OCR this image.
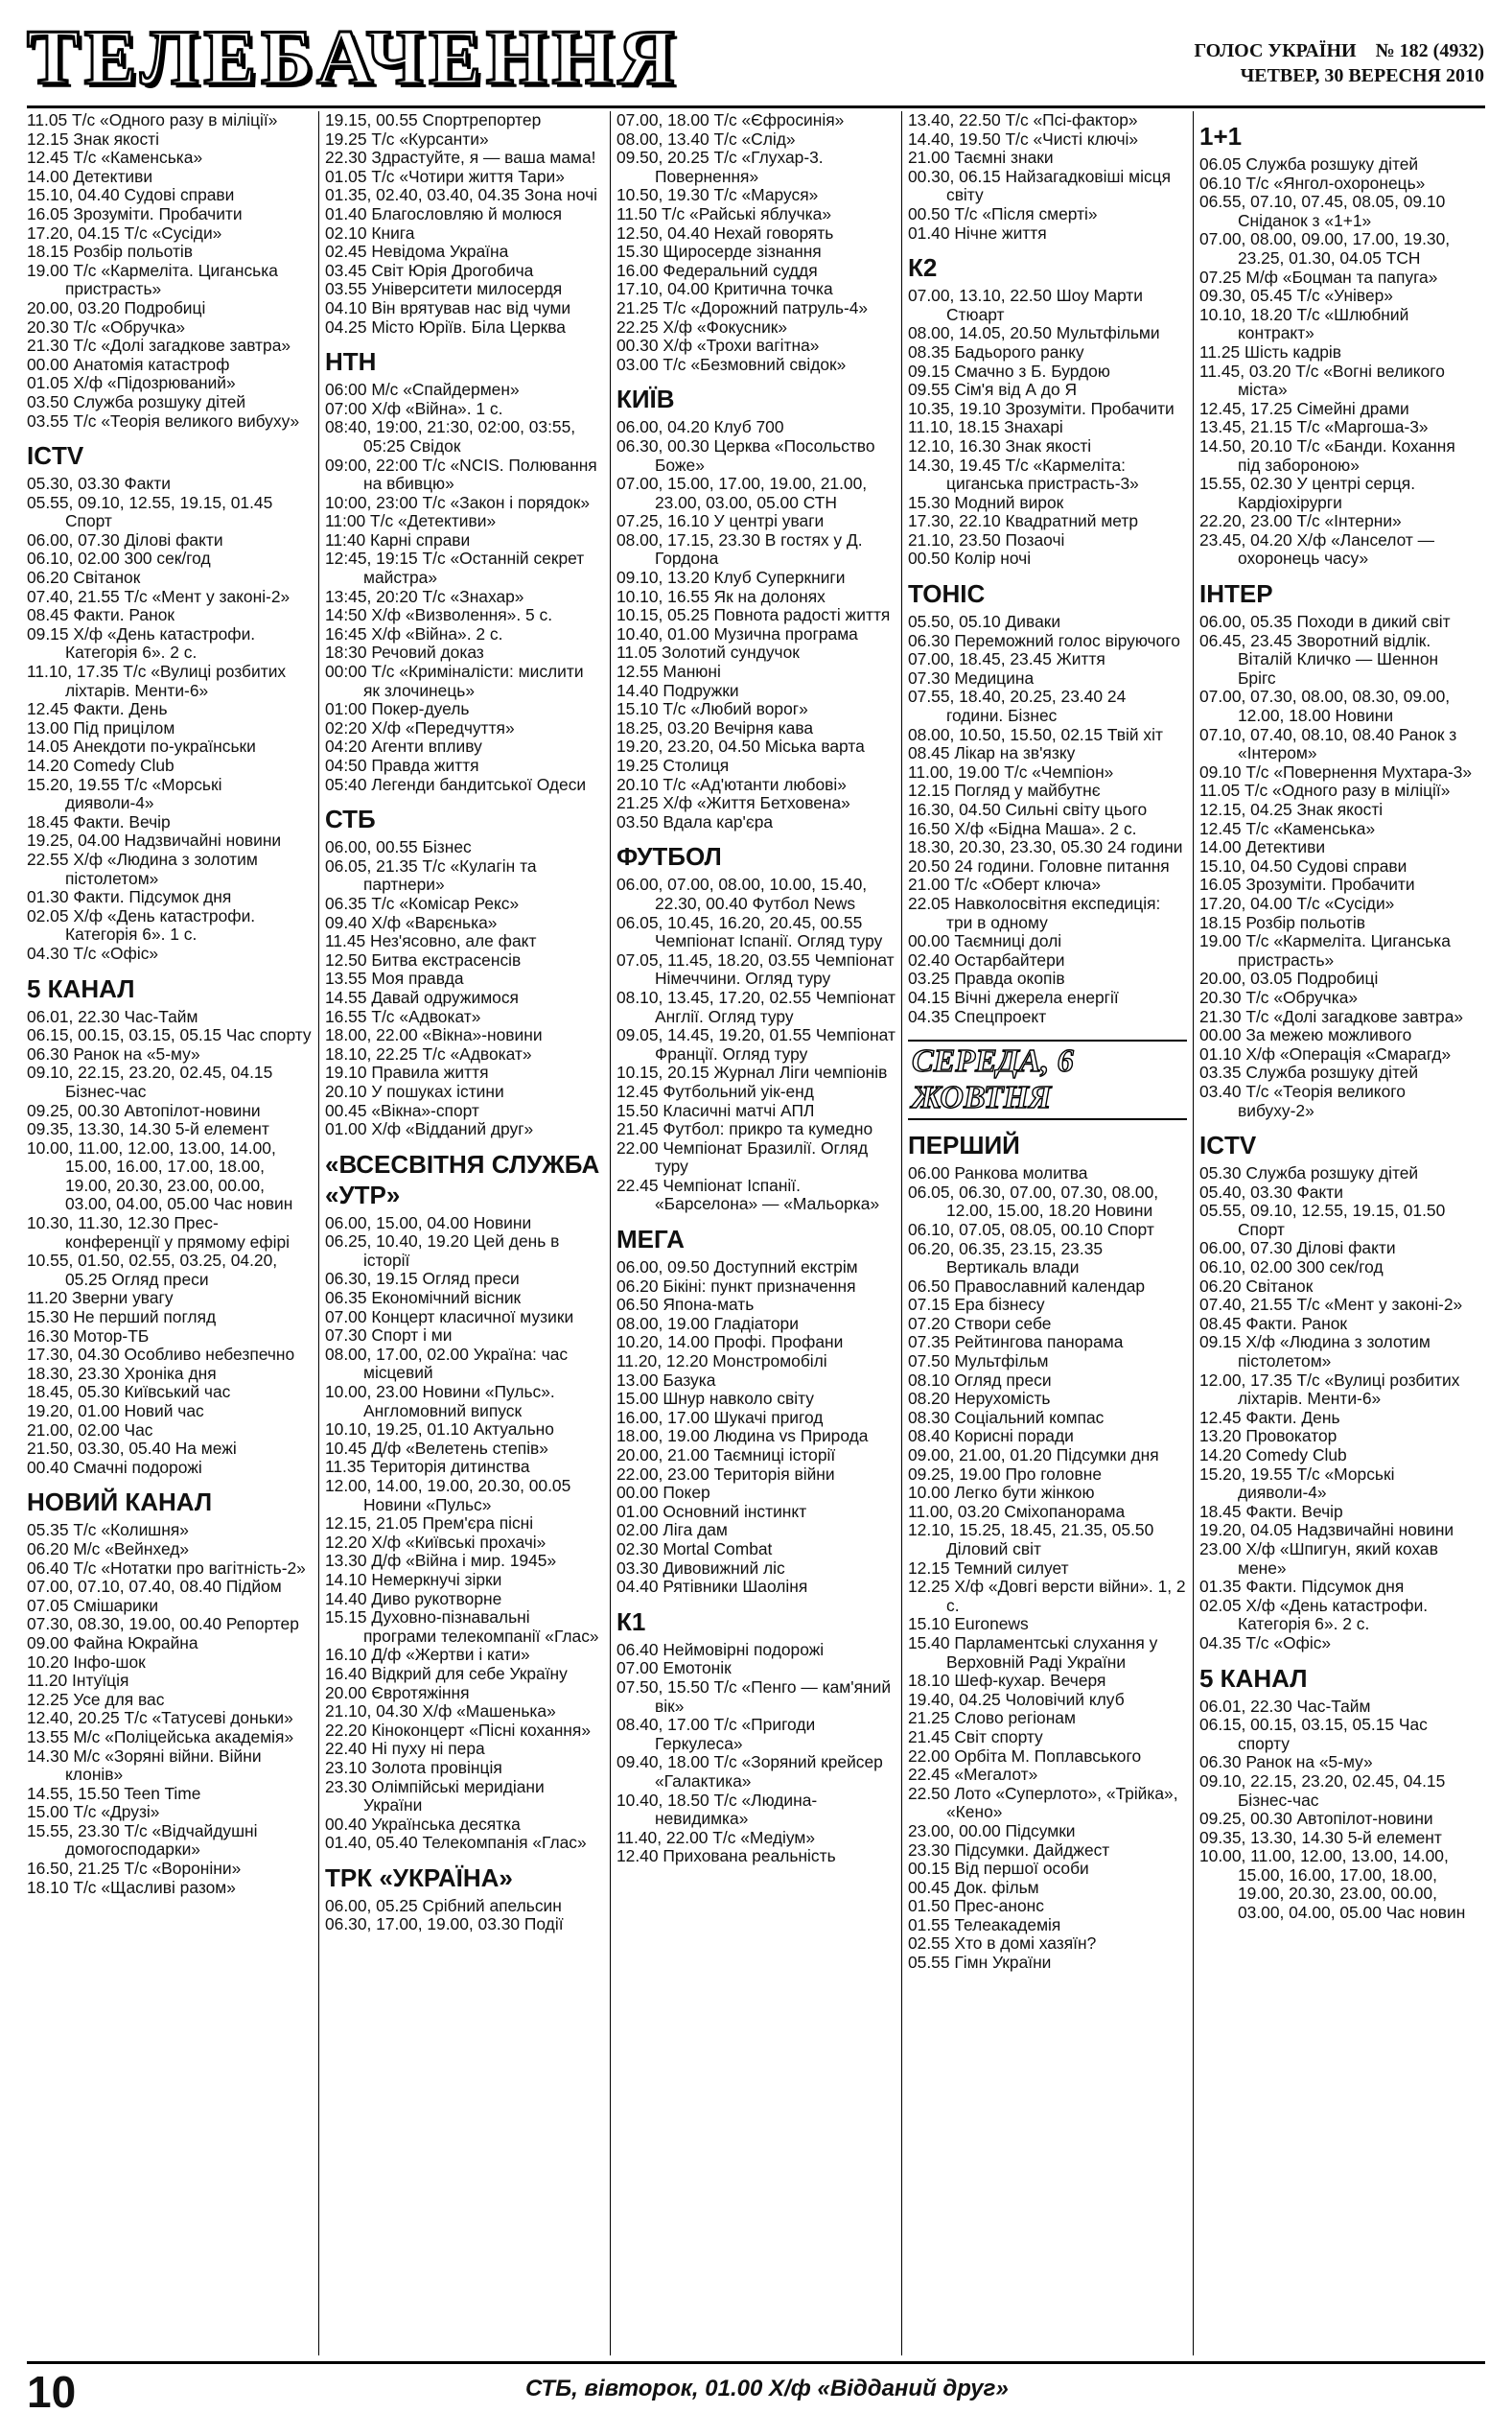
ТЕЛЕБАЧЕННЯ	ГОЛОС УКРАЇНИ № 182 (4932)
ЧЕТВЕР, 30 ВЕРЕСНЯ 2010
11.05 Т/с «Одного разу в міліції»
12.15 Знак якості
12.45 Т/с «Каменська»
14.00 Детективи
15.10, 04.40 Судові справи
16.05 Зрозуміти. Пробачити
17.20, 04.15 Т/с «Сусіди»
18.15 Розбір польотів
19.00 Т/с «Кармеліта. Циганська пристрасть»
20.00, 03.20 Подробиці
20.30 Т/с «Обручка»
21.30 Т/с «Долі загадкове завтра»
00.00 Анатомія катастроф
01.05 Х/ф «Підозрюваний»
03.50 Служба розшуку дітей
03.55 Т/с «Теорія великого вибуху»
ICTV
05.30, 03.30 Факти
05.55, 09.10, 12.55, 19.15, 01.45 Спорт
06.00, 07.30 Ділові факти
06.10, 02.00 300 сек/год
06.20 Світанок
07.40, 21.55 Т/с «Мент у законі-2»
08.45 Факти. Ранок
09.15 Х/ф «День катастрофи. Категорія 6». 2 с.
11.10, 17.35 Т/с «Вулиці розбитих ліхтарів. Менти-6»
12.45 Факти. День
13.00 Під прицілом
14.05 Анекдоти по-українськи
14.20 Comedy Club
15.20, 19.55 Т/с «Морські дияволи-4»
18.45 Факти. Вечір
19.25, 04.00 Надзвичайні новини
22.55 Х/ф «Людина з золотим пістолетом»
01.30 Факти. Підсумок дня
02.05 Х/ф «День катастрофи. Категорія 6». 1 с.
04.30 Т/с «Офіс»
5 КАНАЛ
06.01, 22.30 Час-Тайм
06.15, 00.15, 03.15, 05.15 Час спорту
06.30 Ранок на «5-му»
09.10, 22.15, 23.20, 02.45, 04.15 Бізнес-час
09.25, 00.30 Автопілот-новини
09.35, 13.30, 14.30 5-й елемент
10.00, 11.00, 12.00, 13.00, 14.00, 15.00, 16.00, 17.00, 18.00, 19.00, 20.30, 23.00, 00.00, 03.00, 04.00, 05.00 Час новин
10.30, 11.30, 12.30 Прес-конференції у прямому ефірі
10.55, 01.50, 02.55, 03.25, 04.20, 05.25 Огляд преси
11.20 Зверни увагу
15.30 Не перший погляд
16.30 Мотор-ТБ
17.30, 04.30 Особливо небезпечно
18.30, 23.30 Хроніка дня
18.45, 05.30 Київський час
19.20, 01.00 Новий час
21.00, 02.00 Час
21.50, 03.30, 05.40 На межі
00.40 Смачні подорожі
НОВИЙ КАНАЛ
05.35 Т/с «Колишня»
06.20 М/с «Вейнхед»
06.40 Т/с «Нотатки про вагітність-2»
07.00, 07.10, 07.40, 08.40 Підйом
07.05 Смішарики
07.30, 08.30, 19.00, 00.40 Репортер
09.00 Файна Юкрайна
10.20 Інфо-шок
11.20 Інтуїція
12.25 Усе для вас
12.40, 20.25 Т/с «Татусеві доньки»
13.55 М/с «Поліцейська академія»
14.30 М/с «Зоряні війни. Війни клонів»
14.55, 15.50 Teen Time
15.00 Т/с «Друзі»
15.55, 23.30 Т/с «Відчайдушні домогосподарки»
16.50, 21.25 Т/с «Вороніни»
18.10 Т/с «Щасливі разом»
19.15, 00.55 Спортрепортер
19.25 Т/с «Курсанти»
22.30 Здрастуйте, я — ваша мама!
01.05 Т/с «Чотири життя Тари»
01.35, 02.40, 03.40, 04.35 Зона ночі
01.40 Благословляю й молюся
02.10 Книга
02.45 Невідома Україна
03.45 Світ Юрія Дрогобича
03.55 Університети милосердя
04.10 Він врятував нас від чуми
04.25 Місто Юріїв. Біла Церква
НТН
06:00 М/с «Спайдермен»
07:00 Х/ф «Війна». 1 с.
08:40, 19:00, 21:30, 02:00, 03:55, 05:25 Свідок
09:00, 22:00 Т/с «NCIS. Полювання на вбивцю»
10:00, 23:00 Т/с «Закон і порядок»
11:00 Т/с «Детективи»
11:40 Карні справи
12:45, 19:15 Т/с «Останній секрет майстра»
13:45, 20:20 Т/с «Знахар»
14:50 Х/ф «Визволення». 5 с.
16:45 Х/ф «Війна». 2 с.
18:30 Речовий доказ
00:00 Т/с «Криміналісти: мислити як злочинець»
01:00 Покер-дуель
02:20 Х/ф «Передчуття»
04:20 Агенти впливу
04:50 Правда життя
05:40 Легенди бандитської Одеси
СТБ
06.00, 00.55 Бізнес
06.05, 21.35 Т/с «Кулагін та партнери»
06.35 Т/с «Комісар Рекс»
09.40 Х/ф «Варєнька»
11.45 Нез'ясовно, але факт
12.50 Битва екстрасенсів
13.55 Моя правда
14.55 Давай одружимося
16.55 Т/с «Адвокат»
18.00, 22.00 «Вікна»-новини
18.10, 22.25 Т/с «Адвокат»
19.10 Правила життя
20.10 У пошуках істини
00.45 «Вікна»-спорт
01.00 Х/ф «Відданий друг»
«ВСЕСВІТНЯ СЛУЖБА «УТР»
06.00, 15.00, 04.00 Новини
06.25, 10.40, 19.20 Цей день в історії
06.30, 19.15 Огляд преси
06.35 Економічний вісник
07.00 Концерт класичної музики
07.30 Спорт і ми
08.00, 17.00, 02.00 Україна: час місцевий
10.00, 23.00 Новини «Пульс». Англомовний випуск
10.10, 19.25, 01.10 Актуально
10.45 Д/ф «Велетень степів»
11.35 Територія дитинства
12.00, 14.00, 19.00, 20.30, 00.05 Новини «Пульс»
12.15, 21.05 Прем'єра пісні
12.20 Х/ф «Київські прохачі»
13.30 Д/ф «Війна і мир. 1945»
14.10 Немеркнучі зірки
14.40 Диво рукотворне
15.15 Духовно-пізнавальні програми телекомпанії «Глас»
16.10 Д/ф «Жертви і кати»
16.40 Відкрий для себе Україну
20.00 Євротяжіння
21.10, 04.30 Х/ф «Машенька»
22.20 Кіноконцерт «Пісні кохання»
22.40 Ні пуху ні пера
23.10 Золота провінція
23.30 Олімпійські меридіани України
00.40 Українська десятка
01.40, 05.40 Телекомпанія «Глас»
ТРК «УКРАЇНА»
06.00, 05.25 Срібний апельсин
06.30, 17.00, 19.00, 03.30 Події
07.00, 18.00 Т/с «Єфросинія»
08.00, 13.40 Т/с «Слід»
09.50, 20.25 Т/с «Глухар-3. Повернення»
10.50, 19.30 Т/с «Маруся»
11.50 Т/с «Райські яблучка»
12.50, 04.40 Нехай говорять
15.30 Щиросерде зізнання
16.00 Федеральний суддя
17.10, 04.00 Критична точка
21.25 Т/с «Дорожний патруль-4»
22.25 Х/ф «Фокусник»
00.30 Х/ф «Трохи вагітна»
03.00 Т/с «Безмовний свідок»
КИЇВ
06.00, 04.20 Клуб 700
06.30, 00.30 Церква «Посольство Боже»
07.00, 15.00, 17.00, 19.00, 21.00, 23.00, 03.00, 05.00 СТН
07.25, 16.10 У центрі уваги
08.00, 17.15, 23.30 В гостях у Д. Гордона
09.10, 13.20 Клуб Суперкниги
10.10, 16.55 Як на долонях
10.15, 05.25 Повнота радості життя
10.40, 01.00 Музична програма
11.05 Золотий сундучок
12.55 Манюні
14.40 Подружки
15.10 Т/с «Любий ворог»
18.25, 03.20 Вечірня кава
19.20, 23.20, 04.50 Міська варта
19.25 Столиця
20.10 Т/с «Ад'ютанти любові»
21.25 Х/ф «Життя Бетховена»
03.50 Вдала кар'єра
ФУТБОЛ
06.00, 07.00, 08.00, 10.00, 15.40, 22.30, 00.40 Футбол News
06.05, 10.45, 16.20, 20.45, 00.55 Чемпіонат Іспанії. Огляд туру
07.05, 11.45, 18.20, 03.55 Чемпіонат Німеччини. Огляд туру
08.10, 13.45, 17.20, 02.55 Чемпіонат Англії. Огляд туру
09.05, 14.45, 19.20, 01.55 Чемпіонат Франції. Огляд туру
10.15, 20.15 Журнал Ліги чемпіонів
12.45 Футбольний уік-енд
15.50 Класичні матчі АПЛ
21.45 Футбол: прикро та кумедно
22.00 Чемпіонат Бразилії. Огляд туру
22.45 Чемпіонат Іспанії. «Барселона» — «Мальорка»
МЕГА
06.00, 09.50 Доступний екстрім
06.20 Бікіні: пункт призначення
06.50 Япона-мать
08.00, 19.00 Гладіатори
10.20, 14.00 Профі. Профани
11.20, 12.20 Монстромобілі
13.00 Базука
15.00 Шнур навколо світу
16.00, 17.00 Шукачі пригод
18.00, 19.00 Людина vs Природа
20.00, 21.00 Таємниці історії
22.00, 23.00 Територія війни
00.00 Покер
01.00 Основний інстинкт
02.00 Ліга дам
02.30 Mortal Combat
03.30 Дивовижний ліс
04.40 Рятівники Шаоліня
К1
06.40 Неймовірні подорожі
07.00 Емотонік
07.50, 15.50 Т/с «Пенго — кам'яний вік»
08.40, 17.00 Т/с «Пригоди Геркулеса»
09.40, 18.00 Т/с «Зоряний крейсер «Галактика»
10.40, 18.50 Т/с «Людина-невидимка»
11.40, 22.00 Т/с «Медіум»
12.40 Прихована реальність
13.40, 22.50 Т/с «Псі-фактор»
14.40, 19.50 Т/с «Чисті ключі»
21.00 Таємні знаки
00.30, 06.15 Найзагадковіші місця світу
00.50 Т/с «Після смерті»
01.40 Нічне життя
К2
07.00, 13.10, 22.50 Шоу Марти Стюарт
08.00, 14.05, 20.50 Мультфільми
08.35 Бадьорого ранку
09.15 Смачно з Б. Бурдою
09.55 Сім'я від А до Я
10.35, 19.10 Зрозуміти. Пробачити
11.10, 18.15 Знахарі
12.10, 16.30 Знак якості
14.30, 19.45 Т/с «Кармеліта: циганська пристрасть-3»
15.30 Модний вирок
17.30, 22.10 Квадратний метр
21.10, 23.50 Позаочі
00.50 Колір ночі
ТОНІС
05.50, 05.10 Диваки
06.30 Переможний голос віруючого
07.00, 18.45, 23.45 Життя
07.30 Медицина
07.55, 18.40, 20.25, 23.40 24 години. Бізнес
08.00, 10.50, 15.50, 02.15 Твій хіт
08.45 Лікар на зв'язку
11.00, 19.00 Т/с «Чемпіон»
12.15 Погляд у майбутнє
16.30, 04.50 Сильні світу цього
16.50 Х/ф «Бідна Маша». 2 с.
18.30, 20.30, 23.30, 05.30 24 години
20.50 24 години. Головне питання
21.00 Т/с «Оберт ключа»
22.05 Навколосвітня експедиція: три в одному
00.00 Таємниці долі
02.40 Остарбайтери
03.25 Правда окопів
04.15 Вічні джерела енергії
04.35 Спецпроект
СЕРЕДА, 6 ЖОВТНЯ
ПЕРШИЙ
06.00 Ранкова молитва
06.05, 06.30, 07.00, 07.30, 08.00, 12.00, 15.00, 18.20 Новини
06.10, 07.05, 08.05, 00.10 Спорт
06.20, 06.35, 23.15, 23.35 Вертикаль влади
06.50 Православний календар
07.15 Ера бізнесу
07.20 Створи себе
07.35 Рейтингова панорама
07.50 Мультфільм
08.10 Огляд преси
08.20 Нерухомість
08.30 Соціальний компас
08.40 Корисні поради
09.00, 21.00, 01.20 Підсумки дня
09.25, 19.00 Про головне
10.00 Легко бути жінкою
11.00, 03.20 Сміхопанорама
12.10, 15.25, 18.45, 21.35, 05.50 Діловий світ
12.15 Темний силует
12.25 Х/ф «Довгі версти війни». 1, 2 с.
15.10 Euronews
15.40 Парламентські слухання у Верховній Раді України
18.10 Шеф-кухар. Вечеря
19.40, 04.25 Чоловічий клуб
21.25 Слово регіонам
21.45 Світ спорту
22.00 Орбіта М. Поплавського
22.45 «Мегалот»
22.50 Лото «Суперлото», «Трійка», «Кено»
23.00, 00.00 Підсумки
23.30 Підсумки. Дайджест
00.15 Від першої особи
00.45 Док. фільм
01.50 Прес-анонс
01.55 Телеакадемія
02.55 Хто в домі хазяїн?
05.55 Гімн України
1+1
06.05 Служба розшуку дітей
06.10 Т/с «Янгол-охоронець»
06.55, 07.10, 07.45, 08.05, 09.10 Сніданок з «1+1»
07.00, 08.00, 09.00, 17.00, 19.30, 23.25, 01.30, 04.05 ТСН
07.25 М/ф «Боцман та папуга»
09.30, 05.45 Т/с «Універ»
10.10, 18.20 Т/с «Шлюбний контракт»
11.25 Шість кадрів
11.45, 03.20 Т/с «Вогні великого міста»
12.45, 17.25 Сімейні драми
13.45, 21.15 Т/с «Маргоша-3»
14.50, 20.10 Т/с «Банди. Кохання під забороною»
15.55, 02.30 У центрі серця. Кардіохірурги
22.20, 23.00 Т/с «Інтерни»
23.45, 04.20 Х/ф «Ланселот — охоронець часу»
ІНТЕР
06.00, 05.35 Походи в дикий світ
06.45, 23.45 Зворотний відлік. Віталій Кличко — Шеннон Брігс
07.00, 07.30, 08.00, 08.30, 09.00, 12.00, 18.00 Новини
07.10, 07.40, 08.10, 08.40 Ранок з «Інтером»
09.10 Т/с «Повернення Мухтара-3»
11.05 Т/с «Одного разу в міліції»
12.15, 04.25 Знак якості
12.45 Т/с «Каменська»
14.00 Детективи
15.10, 04.50 Судові справи
16.05 Зрозуміти. Пробачити
17.20, 04.00 Т/с «Сусіди»
18.15 Розбір польотів
19.00 Т/с «Кармеліта. Циганська пристрасть»
20.00, 03.05 Подробиці
20.30 Т/с «Обручка»
21.30 Т/с «Долі загадкове завтра»
00.00 За межею можливого
01.10 Х/ф «Операція «Смарагд»
03.35 Служба розшуку дітей
03.40 Т/с «Теорія великого вибуху-2»
ICTV
05.30 Служба розшуку дітей
05.40, 03.30 Факти
05.55, 09.10, 12.55, 19.15, 01.50 Спорт
06.00, 07.30 Ділові факти
06.10, 02.00 300 сек/год
06.20 Світанок
07.40, 21.55 Т/с «Мент у законі-2»
08.45 Факти. Ранок
09.15 Х/ф «Людина з золотим пістолетом»
12.00, 17.35 Т/с «Вулиці розбитих ліхтарів. Менти-6»
12.45 Факти. День
13.20 Провокатор
14.20 Comedy Club
15.20, 19.55 Т/с «Морські дияволи-4»
18.45 Факти. Вечір
19.20, 04.05 Надзвичайні новини
23.00 Х/ф «Шпигун, який кохав мене»
01.35 Факти. Підсумок дня
02.05 Х/ф «День катастрофи. Категорія 6». 2 с.
04.35 Т/с «Офіс»
5 КАНАЛ
06.01, 22.30 Час-Тайм
06.15, 00.15, 03.15, 05.15 Час спорту
06.30 Ранок на «5-му»
09.10, 22.15, 23.20, 02.45, 04.15 Бізнес-час
09.25, 00.30 Автопілот-новини
09.35, 13.30, 14.30 5-й елемент
10.00, 11.00, 12.00, 13.00, 14.00, 15.00, 16.00, 17.00, 18.00, 19.00, 20.30, 23.00, 00.00, 03.00, 04.00, 05.00 Час новин
10	СТБ, вівторок, 01.00 Х/ф «Відданий друг»
